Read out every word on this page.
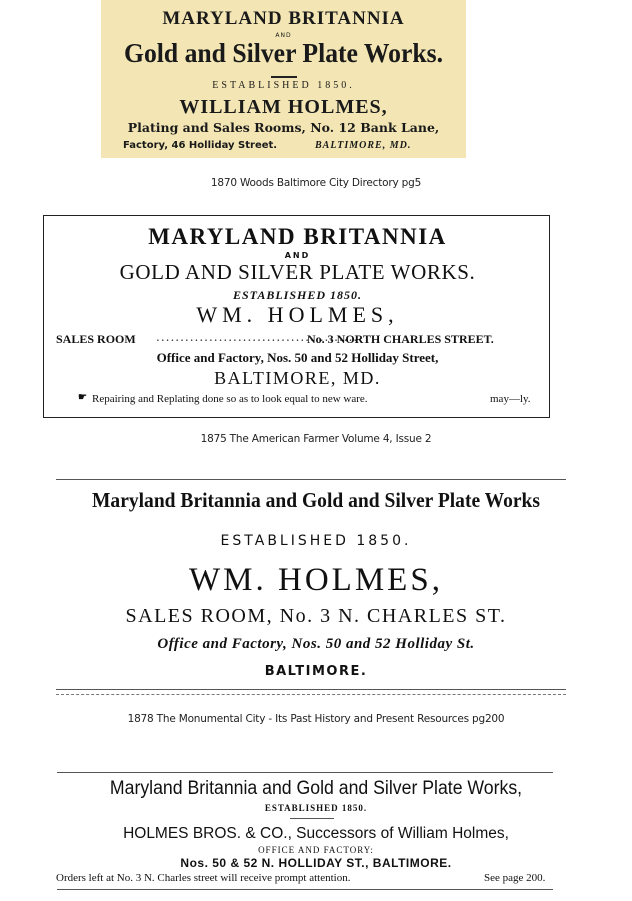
MARYLAND BRITANNIA
AND
Gold and Silver Plate Works.
ESTABLISHED 1850.
WILLIAM HOLMES,
Plating and Sales Rooms, No. 12 Bank Lane,
Factory, 46 Holliday Street.	BALTIMORE, MD.
1870 Woods Baltimore City Directory pg5
MARYLAND BRITANNIA
AND
GOLD AND SILVER PLATE WORKS.
ESTABLISHED 1850.
WM. HOLMES,
SALES ROOM ...........................................
No. 3 NORTH CHARLES STREET.
Office and Factory, Nos. 50 and 52 Holliday Street,
BALTIMORE, MD.
☛ Repairing and Replating done so as to look equal to new ware.	may—ly.
1875 The American Farmer Volume 4, Issue 2
Maryland Britannia and Gold and Silver Plate Works
ESTABLISHED 1850.
WM. HOLMES,
SALES ROOM, No. 3 N. CHARLES ST.
Office and Factory, Nos. 50 and 52 Holliday St.
BALTIMORE.
1878 The Monumental City - Its Past History and Present Resources pg200
Maryland Britannia and Gold and Silver Plate Works,
ESTABLISHED 1850.
HOLMES BROS. & CO., Successors of William Holmes,
OFFICE AND FACTORY:
Nos. 50 & 52 N. HOLLIDAY ST., BALTIMORE.
Orders left at No. 3 N. Charles street will receive prompt attention.	See page 200.
